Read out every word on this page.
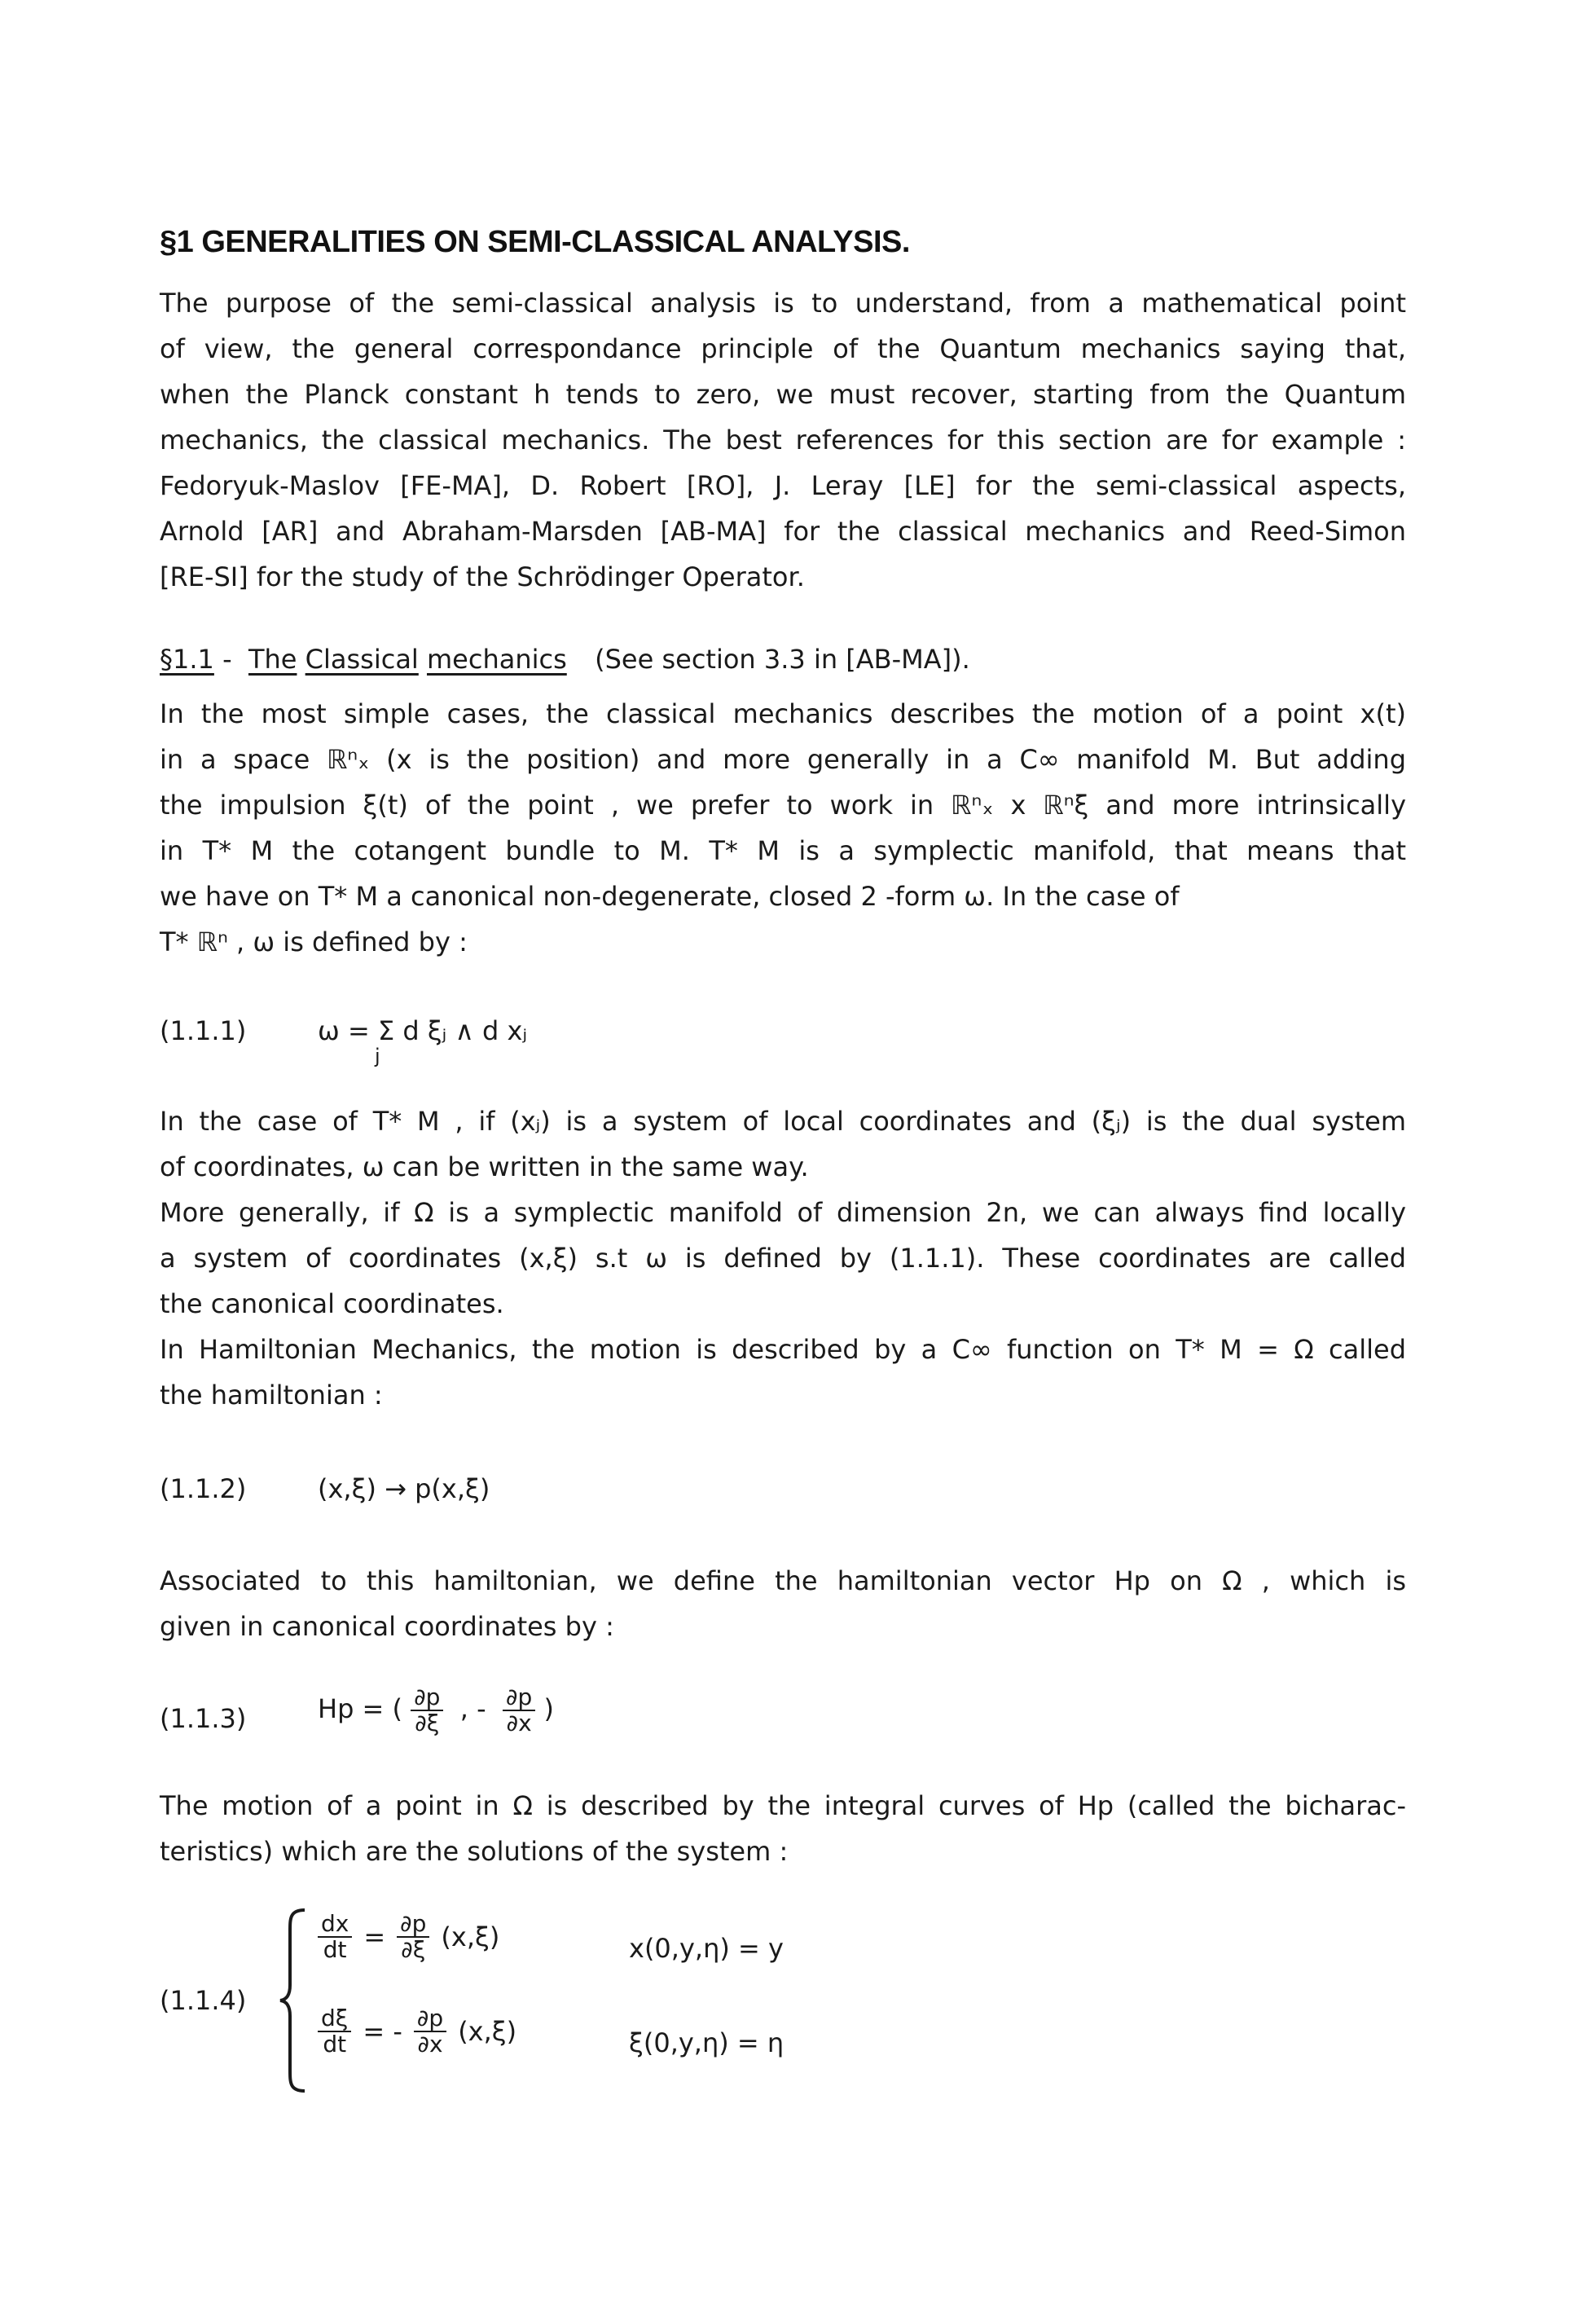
§1 GENERALITIES ON SEMI-CLASSICAL ANALYSIS.
The purpose of the semi-classical analysis is to understand, from a mathematical point
of view, the general correspondance principle of the Quantum mechanics saying that,
when the Planck constant h tends to zero, we must recover, starting from the Quantum
mechanics, the classical mechanics. The best references for this section are for example :
Fedoryuk-Maslov [FE-MA], D. Robert [RO], J. Leray [LE] for the semi-classical aspects,
Arnold [AR] and Abraham-Marsden [AB-MA] for the classical mechanics and Reed-Simon
[RE-SI] for the study of the Schrödinger Operator.
§1.1 -  The Classical mechanics (See section 3.3 in [AB-MA]).
In the most simple cases, the classical mechanics describes the motion of a point x(t)
in a space ℝⁿₓ (x is the position) and more generally in a C∞ manifold M. But adding
the impulsion ξ(t) of the point , we prefer to work in ℝⁿₓ x ℝⁿξ and more intrinsically
in T* M the cotangent bundle to M. T* M is a symplectic manifold, that means that
we have on T* M a canonical non-degenerate, closed 2 -form ω. In the case of
T* ℝⁿ , ω is defined by :
(1.1.1)	ω = Σ d ξⱼ ∧ d xⱼ
j
In the case of T* M , if (xⱼ) is a system of local coordinates and (ξⱼ) is the dual system
of coordinates, ω can be written in the same way.
More generally, if Ω is a symplectic manifold of dimension 2n, we can always find locally
a system of coordinates (x,ξ) s.t ω is defined by (1.1.1). These coordinates are called
the canonical coordinates.
In Hamiltonian Mechanics, the motion is described by a C∞ function on T* M = Ω called
the hamiltonian :
(1.1.2)	(x,ξ) → p(x,ξ)
Associated to this hamiltonian, we define the hamiltonian vector Hp on Ω , which is
given in canonical coordinates by :
(1.1.3)	Hp = ( $\frac{\partial p}{\partial\xi}$ , - $\frac{\partial p}{\partial x}$ )
The motion of a point in Ω is described by the integral curves of Hp (called the bicharac-
teristics) which are the solutions of the system :
(1.1.4)
$\frac{dx}{dt} = \frac{\partial p}{\partial\xi} (x,\xi)$	x(0,y,η) = y
$\frac{d\xi}{dt}$ = - $\frac{\partial p}{\partial x} (x,\xi)$	ξ(0,y,η) = η
